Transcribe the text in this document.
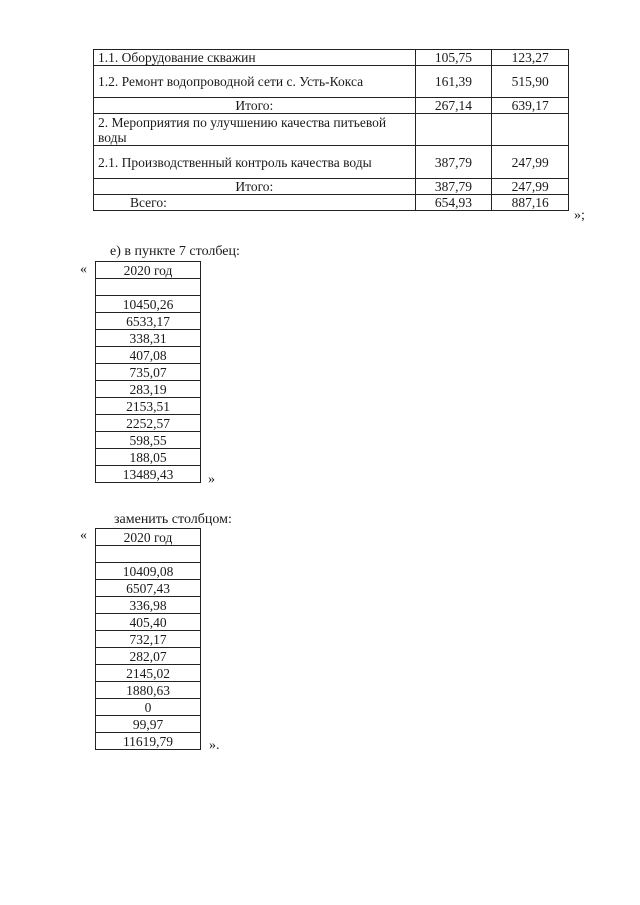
1.1. Оборудование скважин	105,75	123,27
1.2. Ремонт водопроводной сети с. Усть-Кокса	161,39	515,90
Итого:	267,14	639,17
2. Мероприятия по улучшению качества питьевой воды		
2.1. Производственный контроль качества воды	387,79	247,99
Итого:	387,79	247,99
Всего:	654,93	887,16
»;
е) в пункте 7 столбец:
«	2020 год

10450,26
6533,17
338,31
407,08
735,07
283,19
2153,51
2252,57
598,55
188,05
13489,43 »
заменить столбцом:
«	2020 год

10409,08
6507,43
336,98
405,40
732,17
282,07
2145,02
1880,63
0
99,97
11619,79	».
